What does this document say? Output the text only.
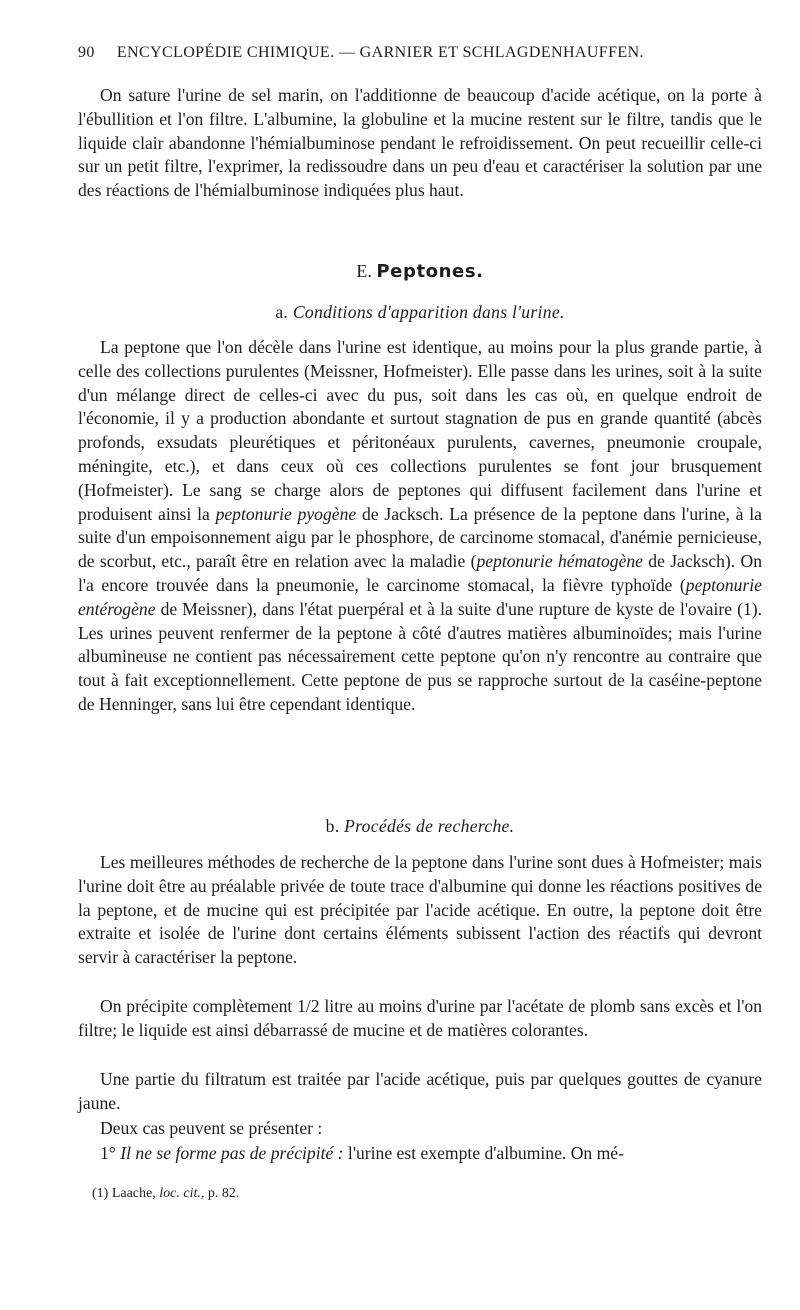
90 ENCYCLOPÉDIE CHIMIQUE. — GARNIER ET SCHLAGDENHAUFFEN.

On sature l'urine de sel marin, on l'additionne de beaucoup d'acide acétique, on la porte à l'ébullition et l'on filtre. L'albumine, la globuline et la mucine restent sur le filtre, tandis que le liquide clair abandonne l'hémialbuminose pendant le refroidissement. On peut recueillir celle-ci sur un petit filtre, l'exprimer, la redissoudre dans un peu d'eau et caractériser la solution par une des réactions de l'hémialbuminose indiquées plus haut.

E. Peptones.
a. Conditions d'apparition dans l'urine.

La peptone que l'on décèle dans l'urine est identique, au moins pour la plus grande partie, à celle des collections purulentes (Meissner, Hofmeister). Elle passe dans les urines, soit à la suite d'un mélange direct de celles-ci avec du pus, soit dans les cas où, en quelque endroit de l'économie, il y a production abondante et surtout stagnation de pus en grande quantité (abcès profonds, exsudats pleurétiques et péritonéaux purulents, cavernes, pneumonie croupale, méningite, etc.), et dans ceux où ces collections purulentes se font jour brusquement (Hofmeister). Le sang se charge alors de peptones qui diffusent facilement dans l'urine et produisent ainsi la peptonurie pyogène de Jacksch. La présence de la peptone dans l'urine, à la suite d'un empoisonnement aigu par le phosphore, de carcinome stomacal, d'anémie pernicieuse, de scorbut, etc., paraît être en relation avec la maladie (peptonurie hématogène de Jacksch). On l'a encore trouvée dans la pneumonie, le carcinome stomacal, la fièvre typhoïde (peptonurie entérogène de Meissner), dans l'état puerpéral et à la suite d'une rupture de kyste de l'ovaire (1). Les urines peuvent renfermer de la peptone à côté d'autres matières albuminoïdes; mais l'urine albumineuse ne contient pas nécessairement cette peptone qu'on n'y rencontre au contraire que tout à fait exceptionnellement. Cette peptone de pus se rapproche surtout de la caséine-peptone de Henninger, sans lui être cependant identique.

b. Procédés de recherche.

Les meilleures méthodes de recherche de la peptone dans l'urine sont dues à Hofmeister; mais l'urine doit être au préalable privée de toute trace d'albumine qui donne les réactions positives de la peptone, et de mucine qui est précipitée par l'acide acétique. En outre, la peptone doit être extraite et isolée de l'urine dont certains éléments subissent l'action des réactifs qui devront servir à caractériser la peptone.

On précipite complètement 1/2 litre au moins d'urine par l'acétate de plomb sans excès et l'on filtre; le liquide est ainsi débarrassé de mucine et de matières colorantes.

Une partie du filtratum est traitée par l'acide acétique, puis par quelques gouttes de cyanure jaune.

Deux cas peuvent se présenter :

1° Il ne se forme pas de précipité : l'urine est exempte d'albumine. On mé-

(1) Laache, loc. cit., p. 82.
